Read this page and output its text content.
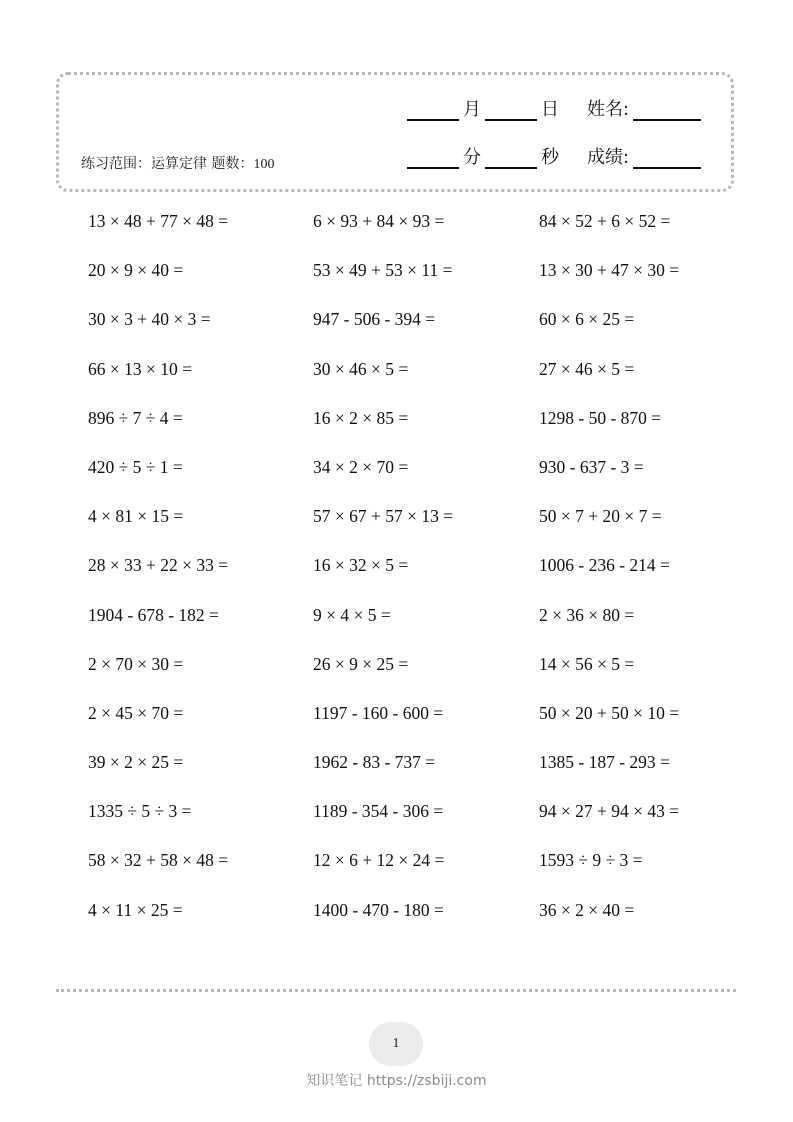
月	日 姓名:
分	秒 成绩:
练习范围：运算定律 题数：100
13 × 48 + 77 × 48 =	6 × 93 + 84 × 93 =	84 × 52 + 6 × 52 =
20 × 9 × 40 =	53 × 49 + 53 × 11 =	13 × 30 + 47 × 30 =
30 × 3 + 40 × 3 =	947 - 506 - 394 =	60 × 6 × 25 =
66 × 13 × 10 =	30 × 46 × 5 =	27 × 46 × 5 =
896 ÷ 7 ÷ 4 =	16 × 2 × 85 =	1298 - 50 - 870 =
420 ÷ 5 ÷ 1 =	34 × 2 × 70 =	930 - 637 - 3 =
4 × 81 × 15 =	57 × 67 + 57 × 13 =	50 × 7 + 20 × 7 =
28 × 33 + 22 × 33 =	16 × 32 × 5 =	1006 - 236 - 214 =
1904 - 678 - 182 =	9 × 4 × 5 =	2 × 36 × 80 =
2 × 70 × 30 =	26 × 9 × 25 =	14 × 56 × 5 =
2 × 45 × 70 =	1197 - 160 - 600 =	50 × 20 + 50 × 10 =
39 × 2 × 25 =	1962 - 83 - 737 =	1385 - 187 - 293 =
1335 ÷ 5 ÷ 3 =	1189 - 354 - 306 =	94 × 27 + 94 × 43 =
58 × 32 + 58 × 48 =	12 × 6 + 12 × 24 =	1593 ÷ 9 ÷ 3 =
4 × 11 × 25 =	1400 - 470 - 180 =	36 × 2 × 40 =
1
知识笔记 https://zsbiji.com
